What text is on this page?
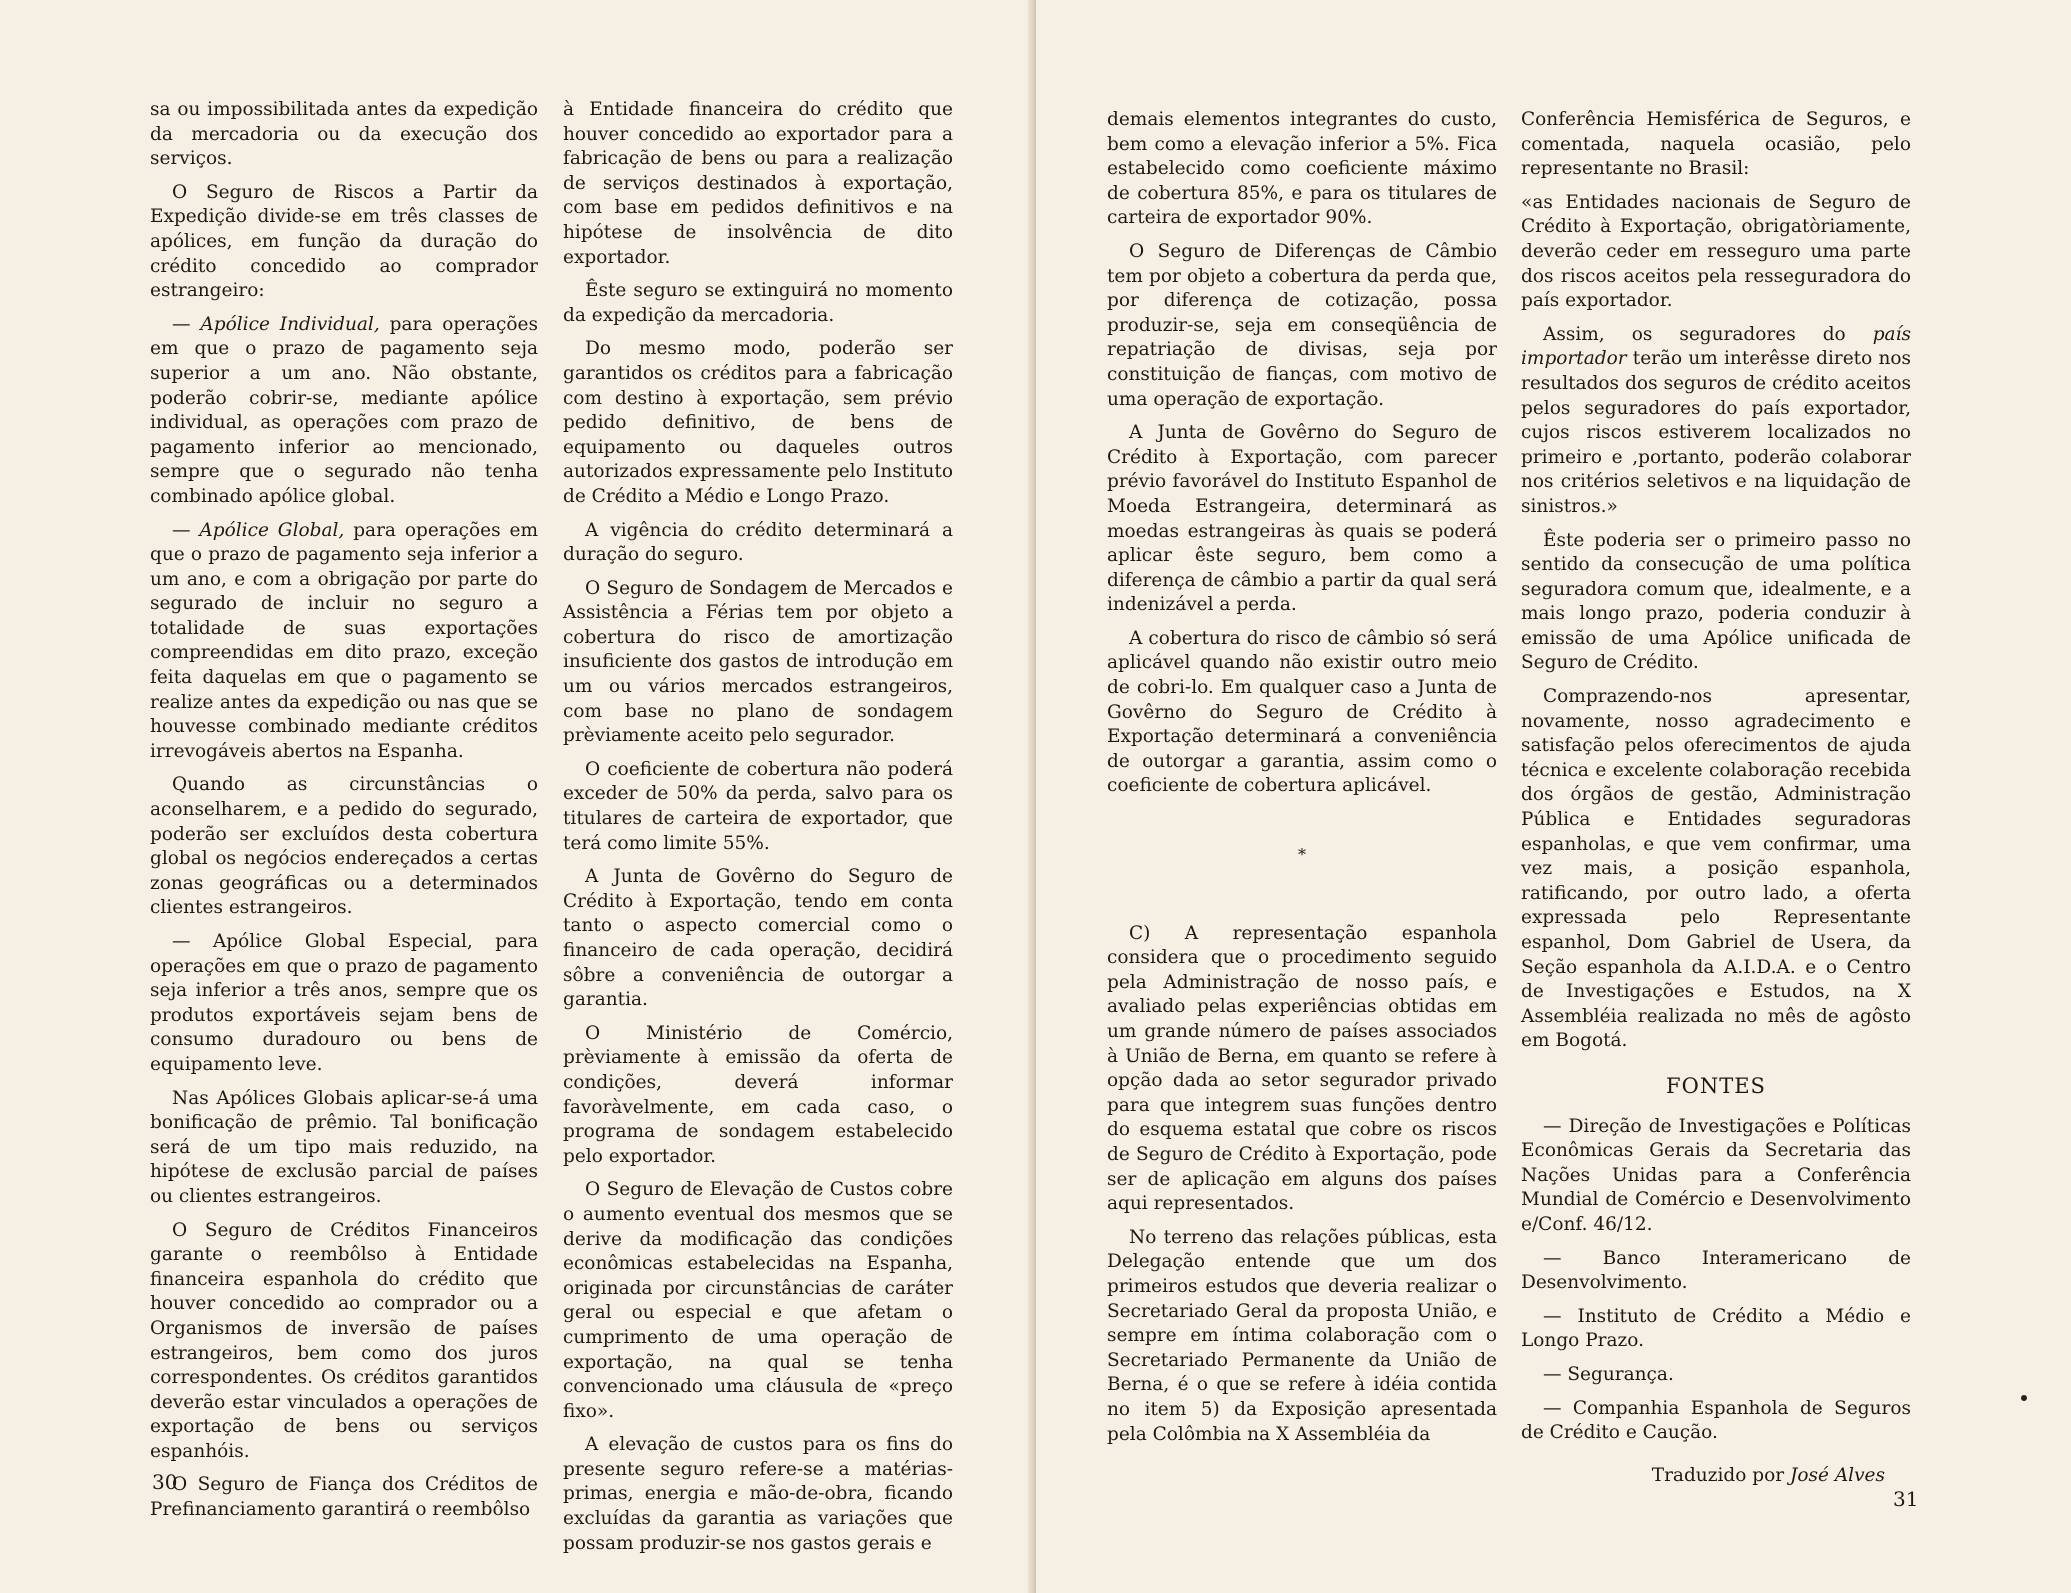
sa ou impossibilitada antes da expedição da mercadoria ou da execução dos serviços.

O Seguro de Riscos a Partir da Expedição divide-se em três classes de apólices, em função da duração do crédito concedido ao comprador estrangeiro:

— Apólice Individual, para operações em que o prazo de pagamento seja superior a um ano. Não obstante, poderão cobrir-se, mediante apólice individual, as operações com prazo de pagamento inferior ao mencionado, sempre que o segurado não tenha combinado apólice global.

— Apólice Global, para operações em que o prazo de pagamento seja inferior a um ano, e com a obrigação por parte do segurado de incluir no seguro a totalidade de suas exportações compreendidas em dito prazo, exceção feita daquelas em que o pagamento se realize antes da expedição ou nas que se houvesse combinado mediante créditos irrevogáveis abertos na Espanha.

Quando as circunstâncias o aconselharem, e a pedido do segurado, poderão ser excluídos desta cobertura global os negócios endereçados a certas zonas geográficas ou a determinados clientes estrangeiros.

— Apólice Global Especial, para operações em que o prazo de pagamento seja inferior a três anos, sempre que os produtos exportáveis sejam bens de consumo duradouro ou bens de equipamento leve.

Nas Apólices Globais aplicar-se-á uma bonificação de prêmio. Tal bonificação será de um tipo mais reduzido, na hipótese de exclusão parcial de países ou clientes estrangeiros.

O Seguro de Créditos Financeiros garante o reembôlso à Entidade financeira espanhola do crédito que houver concedido ao comprador ou a Organismos de inversão de países estrangeiros, bem como dos juros correspondentes. Os créditos garantidos deverão estar vinculados a operações de exportação de bens ou serviços espanhóis.

O Seguro de Fiança dos Créditos de Prefinanciamento garantirá o reembôlso

à Entidade financeira do crédito que houver concedido ao exportador para a fabricação de bens ou para a realização de serviços destinados à exportação, com base em pedidos definitivos e na hipótese de insolvência de dito exportador.

Êste seguro se extinguirá no momento da expedição da mercadoria.

Do mesmo modo, poderão ser garantidos os créditos para a fabricação com destino à exportação, sem prévio pedido definitivo, de bens de equipamento ou daqueles outros autorizados expressamente pelo Instituto de Crédito a Médio e Longo Prazo.

A vigência do crédito determinará a duração do seguro.

O Seguro de Sondagem de Mercados e Assistência a Férias tem por objeto a cobertura do risco de amortização insuficiente dos gastos de introdução em um ou vários mercados estrangeiros, com base no plano de sondagem prèviamente aceito pelo segurador.

O coeficiente de cobertura não poderá exceder de 50% da perda, salvo para os titulares de carteira de exportador, que terá como limite 55%.

A Junta de Govêrno do Seguro de Crédito à Exportação, tendo em conta tanto o aspecto comercial como o financeiro de cada operação, decidirá sôbre a conveniência de outorgar a garantia.

O Ministério de Comércio, prèviamente à emissão da oferta de condições, deverá informar favoràvelmente, em cada caso, o programa de sondagem estabelecido pelo exportador.

O Seguro de Elevação de Custos cobre o aumento eventual dos mesmos que se derive da modificação das condições econômicas estabelecidas na Espanha, originada por circunstâncias de caráter geral ou especial e que afetam o cumprimento de uma operação de exportação, na qual se tenha convencionado uma cláusula de «preço fixo».

A elevação de custos para os fins do presente seguro refere-se a matérias-primas, energia e mão-de-obra, ficando excluídas da garantia as variações que possam produzir-se nos gastos gerais e

30

demais elementos integrantes do custo, bem como a elevação inferior a 5%. Fica estabelecido como coeficiente máximo de cobertura 85%, e para os titulares de carteira de exportador 90%.

O Seguro de Diferenças de Câmbio tem por objeto a cobertura da perda que, por diferença de cotização, possa produzir-se, seja em conseqüência de repatriação de divisas, seja por constituição de fianças, com motivo de uma operação de exportação.

A Junta de Govêrno do Seguro de Crédito à Exportação, com parecer prévio favorável do Instituto Espanhol de Moeda Estrangeira, determinará as moedas estrangeiras às quais se poderá aplicar êste seguro, bem como a diferença de câmbio a partir da qual será indenizável a perda.

A cobertura do risco de câmbio só será aplicável quando não existir outro meio de cobri-lo. Em qualquer caso a Junta de Govêrno do Seguro de Crédito à Exportação determinará a conveniência de outorgar a garantia, assim como o coeficiente de cobertura aplicável.

*

C) A representação espanhola considera que o procedimento seguido pela Administração de nosso país, e avaliado pelas experiências obtidas em um grande número de países associados à União de Berna, em quanto se refere à opção dada ao setor segurador privado para que integrem suas funções dentro do esquema estatal que cobre os riscos de Seguro de Crédito à Exportação, pode ser de aplicação em alguns dos países aqui representados.

No terreno das relações públicas, esta Delegação entende que um dos primeiros estudos que deveria realizar o Secretariado Geral da proposta União, e sempre em íntima colaboração com o Secretariado Permanente da União de Berna, é o que se refere à idéia contida no item 5) da Exposição apresentada pela Colômbia na X Assembléia da

Conferência Hemisférica de Seguros, e comentada, naquela ocasião, pelo representante no Brasil:

«as Entidades nacionais de Seguro de Crédito à Exportação, obrigatòriamente, deverão ceder em resseguro uma parte dos riscos aceitos pela resseguradora do país exportador.

Assim, os seguradores do país importador terão um interêsse direto nos resultados dos seguros de crédito aceitos pelos seguradores do país exportador, cujos riscos estiverem localizados no primeiro e ,portanto, poderão colaborar nos critérios seletivos e na liquidação de sinistros.»

Êste poderia ser o primeiro passo no sentido da consecução de uma política seguradora comum que, idealmente, e a mais longo prazo, poderia conduzir à emissão de uma Apólice unificada de Seguro de Crédito.

Comprazendo-nos apresentar, novamente, nosso agradecimento e satisfação pelos oferecimentos de ajuda técnica e excelente colaboração recebida dos órgãos de gestão, Administração Pública e Entidades seguradoras espanholas, e que vem confirmar, uma vez mais, a posição espanhola, ratificando, por outro lado, a oferta expressada pelo Representante espanhol, Dom Gabriel de Usera, da Seção espanhola da A.I.D.A. e o Centro de Investigações e Estudos, na X Assembléia realizada no mês de agôsto em Bogotá.

FONTES

— Direção de Investigações e Políticas Econômicas Gerais da Secretaria das Nações Unidas para a Conferência Mundial de Comércio e Desenvolvimento e/Conf. 46/12.

— Banco Interamericano de Desenvolvimento.

— Instituto de Crédito a Médio e Longo Prazo.

— Segurança.

— Companhia Espanhola de Seguros de Crédito e Caução.

Traduzido por José Alves
31
